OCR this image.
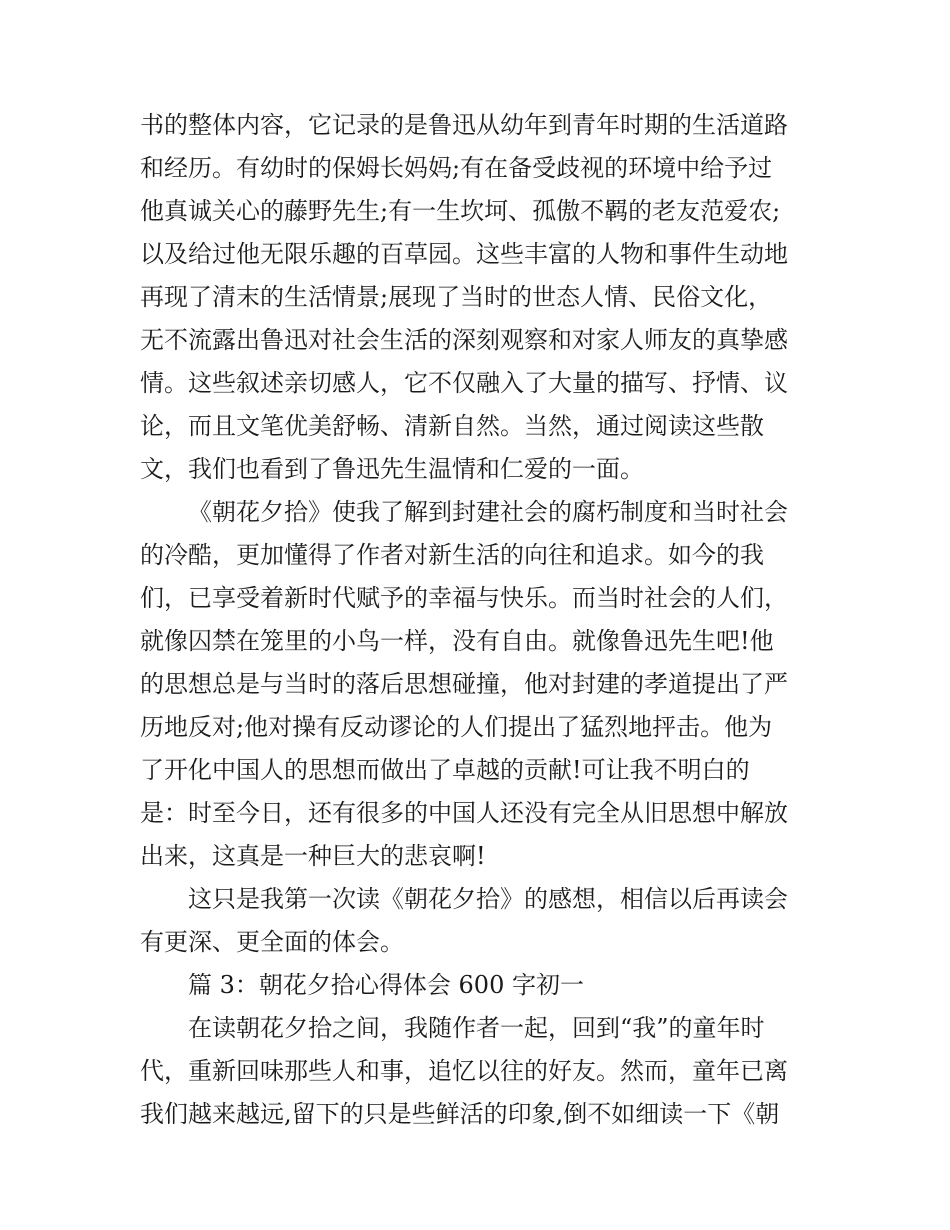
书的整体内容，它记录的是鲁迅从幼年到青年时期的生活道路
和经历。有幼时的保姆长妈妈;有在备受歧视的环境中给予过
他真诚关心的藤野先生;有一生坎坷、孤傲不羁的老友范爱农;
以及给过他无限乐趣的百草园。这些丰富的人物和事件生动地
再现了清末的生活情景;展现了当时的世态人情、民俗文化，
无不流露出鲁迅对社会生活的深刻观察和对家人师友的真挚感
情。这些叙述亲切感人，它不仅融入了大量的描写、抒情、议
论，而且文笔优美舒畅、清新自然。当然，通过阅读这些散
文，我们也看到了鲁迅先生温情和仁爱的一面。
《朝花夕拾》使我了解到封建社会的腐朽制度和当时社会
的冷酷，更加懂得了作者对新生活的向往和追求。如今的我
们，已享受着新时代赋予的幸福与快乐。而当时社会的人们，
就像囚禁在笼里的小鸟一样，没有自由。就像鲁迅先生吧!他
的思想总是与当时的落后思想碰撞，他对封建的孝道提出了严
历地反对;他对操有反动谬论的人们提出了猛烈地抨击。他为
了开化中国人的思想而做出了卓越的贡献!可让我不明白的
是：时至今日，还有很多的中国人还没有完全从旧思想中解放
出来，这真是一种巨大的悲哀啊!
这只是我第一次读《朝花夕拾》的感想，相信以后再读会
有更深、更全面的体会。
篇 3：朝花夕拾心得体会 600 字初一
在读朝花夕拾之间，我随作者一起，回到“我”的童年时
代，重新回味那些人和事，追忆以往的好友。然而，童年已离
我们越来越远,留下的只是些鲜活的印象,倒不如细读一下《朝
